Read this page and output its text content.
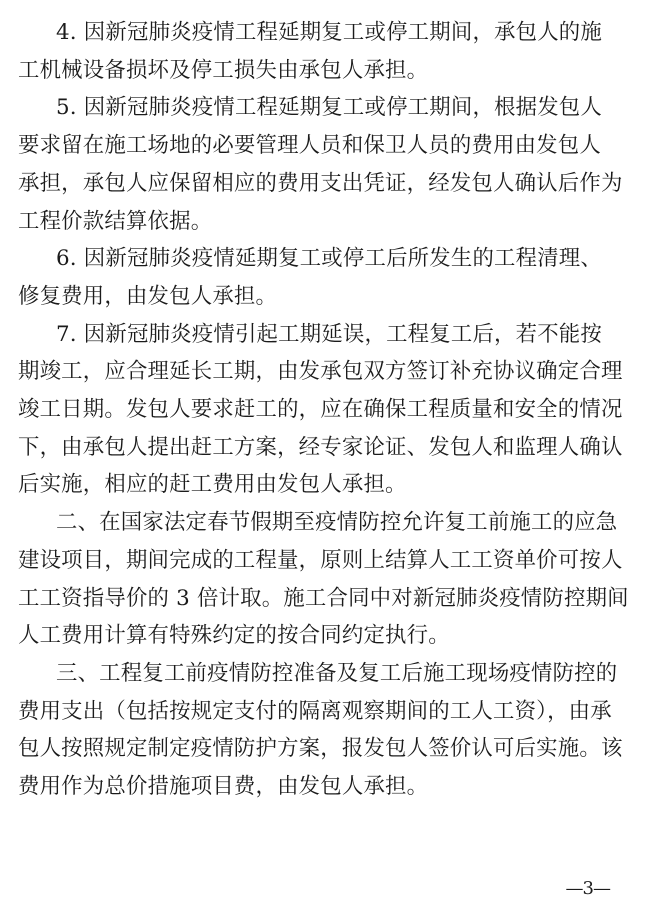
4. 因新冠肺炎疫情工程延期复工或停工期间，承包人的施
工机械设备损坏及停工损失由承包人承担。

5. 因新冠肺炎疫情工程延期复工或停工期间，根据发包人
要求留在施工场地的必要管理人员和保卫人员的费用由发包人
承担，承包人应保留相应的费用支出凭证，经发包人确认后作为
工程价款结算依据。

6. 因新冠肺炎疫情延期复工或停工后所发生的工程清理、
修复费用，由发包人承担。

7. 因新冠肺炎疫情引起工期延误，工程复工后，若不能按
期竣工，应合理延长工期，由发承包双方签订补充协议确定合理
竣工日期。发包人要求赶工的，应在确保工程质量和安全的情况
下，由承包人提出赶工方案，经专家论证、发包人和监理人确认
后实施，相应的赶工费用由发包人承担。

二、在国家法定春节假期至疫情防控允许复工前施工的应急
建设项目，期间完成的工程量，原则上结算人工工资单价可按人
工工资指导价的 3 倍计取。施工合同中对新冠肺炎疫情防控期间
人工费用计算有特殊约定的按合同约定执行。

三、工程复工前疫情防控准备及复工后施工现场疫情防控的
费用支出（包括按规定支付的隔离观察期间的工人工资），由承
包人按照规定制定疫情防护方案，报发包人签价认可后实施。该
费用作为总价措施项目费，由发包人承担。

—3—
